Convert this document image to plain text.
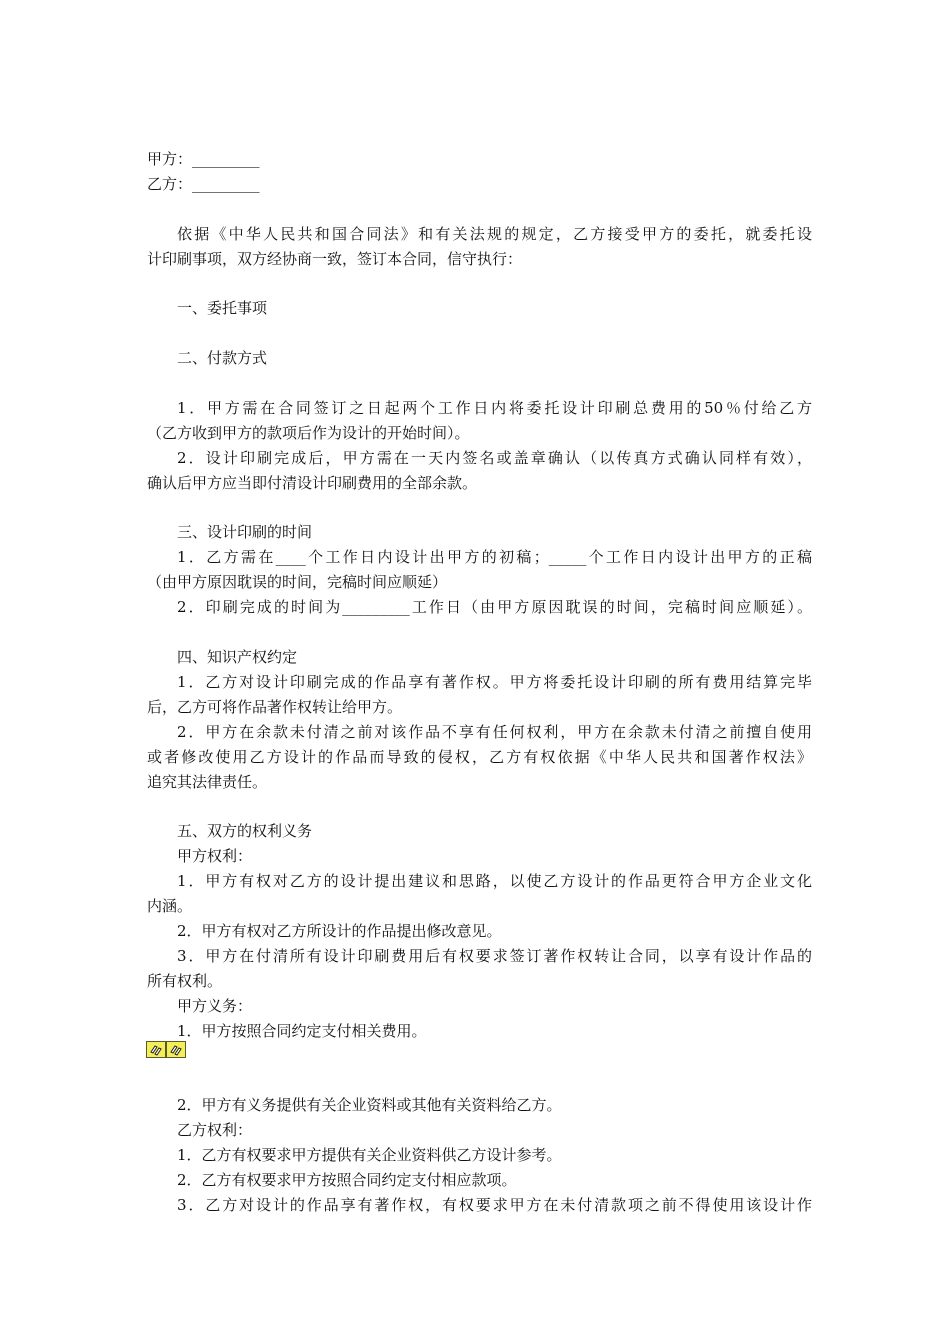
甲方：_________
乙方：_________
依据《中华人民共和国合同法》和有关法规的规定，乙方接受甲方的委托，就委托设
计印刷事项，双方经协商一致，签订本合同，信守执行：
一、委托事项
二、付款方式
1．甲方需在合同签订之日起两个工作日内将委托设计印刷总费用的50％付给乙方
（乙方收到甲方的款项后作为设计的开始时间）。
2．设计印刷完成后，甲方需在一天内签名或盖章确认（以传真方式确认同样有效），
确认后甲方应当即付清设计印刷费用的全部余款。
三、设计印刷的时间
1．乙方需在____个工作日内设计出甲方的初稿；_____个工作日内设计出甲方的正稿
（由甲方原因耽误的时间，完稿时间应顺延）
2．印刷完成的时间为_________工作日（由甲方原因耽误的时间，完稿时间应顺延）。
四、知识产权约定
1．乙方对设计印刷完成的作品享有著作权。甲方将委托设计印刷的所有费用结算完毕
后，乙方可将作品著作权转让给甲方。
2．甲方在余款未付清之前对该作品不享有任何权利，甲方在余款未付清之前擅自使用
或者修改使用乙方设计的作品而导致的侵权，乙方有权依据《中华人民共和国著作权法》
追究其法律责任。
五、双方的权利义务
甲方权利：
1．甲方有权对乙方的设计提出建议和思路，以使乙方设计的作品更符合甲方企业文化
内涵。
2．甲方有权对乙方所设计的作品提出修改意见。
3．甲方在付清所有设计印刷费用后有权要求签订著作权转让合同，以享有设计作品的
所有权利。
甲方义务：
1．甲方按照合同约定支付相关费用。
2．甲方有义务提供有关企业资料或其他有关资料给乙方。
乙方权利：
1．乙方有权要求甲方提供有关企业资料供乙方设计参考。
2．乙方有权要求甲方按照合同约定支付相应款项。
3．乙方对设计的作品享有著作权，有权要求甲方在未付清款项之前不得使用该设计作
